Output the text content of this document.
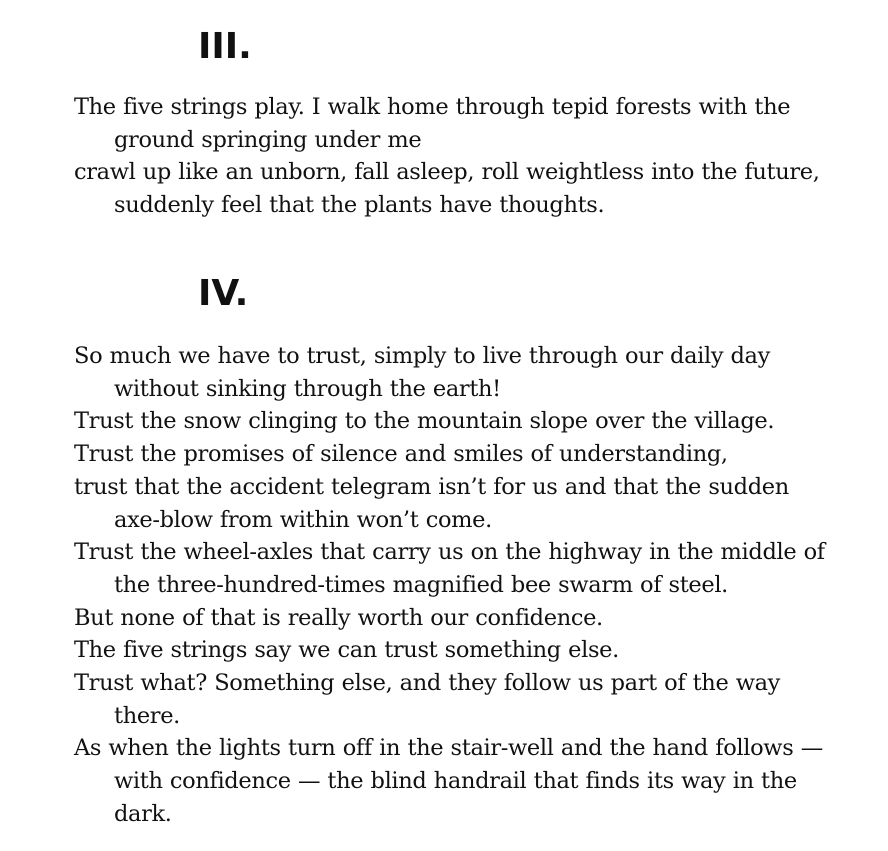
III.
The five strings play. I walk home through tepid forests with the ground springing under me
crawl up like an unborn, fall asleep, roll weightless into the future, suddenly feel that the plants have thoughts.
IV.
So much we have to trust, simply to live through our daily day without sinking through the earth!
Trust the snow clinging to the mountain slope over the village.
Trust the promises of silence and smiles of understanding,
trust that the accident telegram isn’t for us and that the sudden axe-blow from within won’t come.
Trust the wheel-axles that carry us on the highway in the middle of the three-hundred-times magnified bee swarm of steel.
But none of that is really worth our confidence.
The five strings say we can trust something else.
Trust what? Something else, and they follow us part of the way there.
As when the lights turn off in the stair-well and the hand follows — with confidence — the blind handrail that finds its way in the dark.
